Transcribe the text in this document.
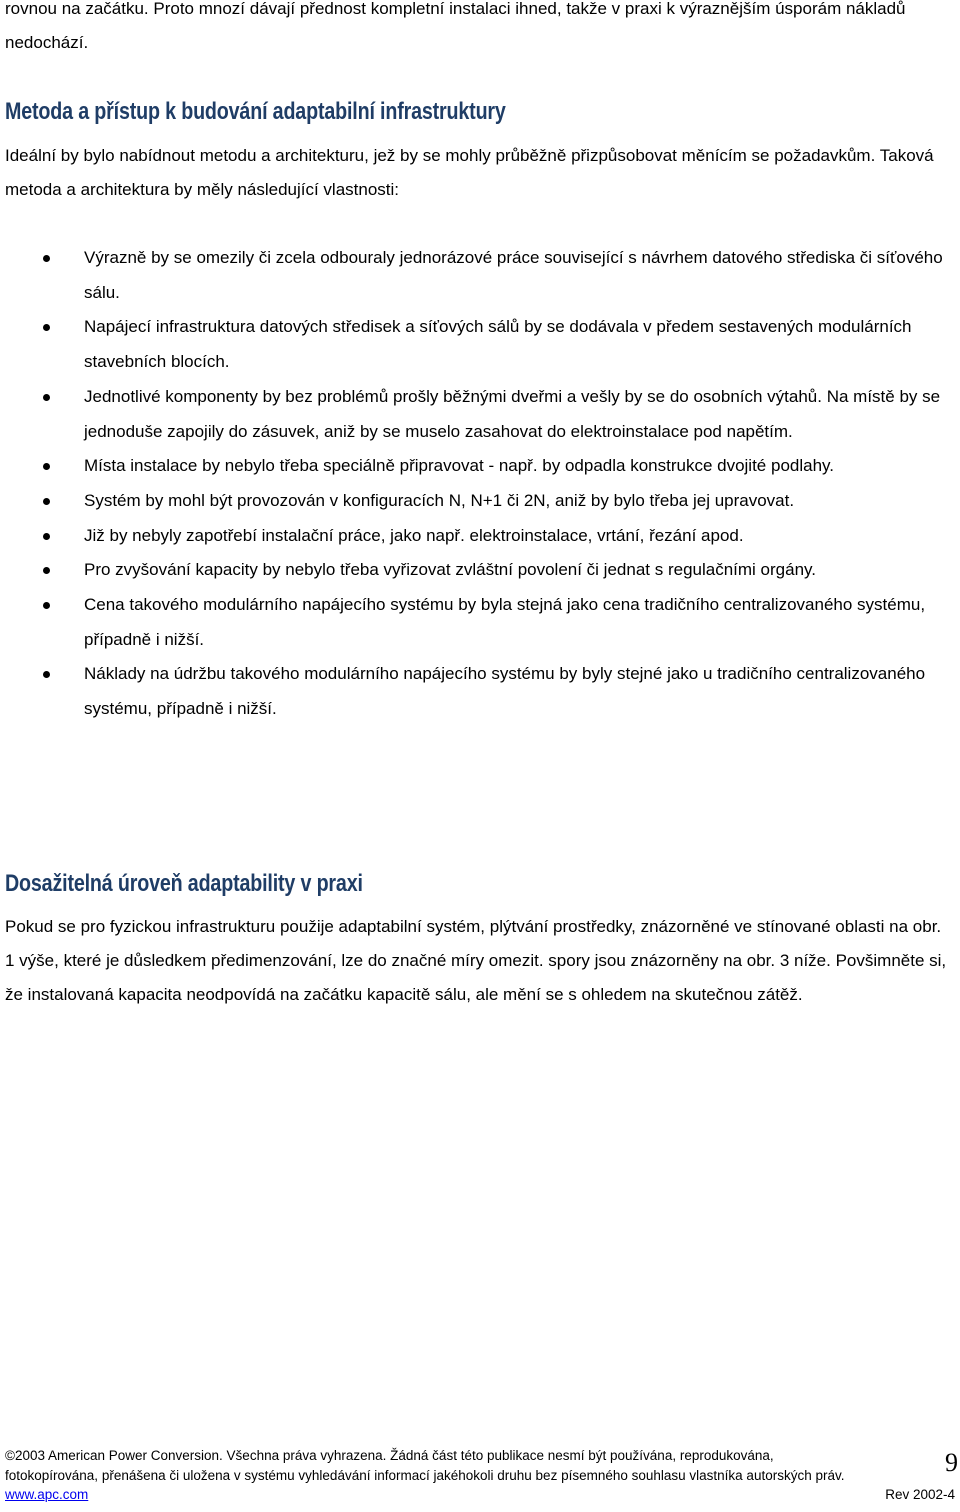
rovnou na začátku. Proto mnozí dávají přednost kompletní instalaci ihned, takže v praxi k výraznějším úsporám nákladů nedochází.

Metoda a přístup k budování adaptabilní infrastruktury

Ideální by bylo nabídnout metodu a architekturu, jež by se mohly průběžně přizpůsobovat měnícím se požadavkům. Taková metoda a architektura by měly následující vlastnosti:

Výrazně by se omezily či zcela odbouraly jednorázové práce související s návrhem datového střediska či síťového sálu.
Napájecí infrastruktura datových středisek a síťových sálů by se dodávala v předem sestavených modulárních stavebních blocích.
Jednotlivé komponenty by bez problémů prošly běžnými dveřmi a vešly by se do osobních výtahů. Na místě by se jednoduše zapojily do zásuvek, aniž by se muselo zasahovat do elektroinstalace pod napětím.
Místa instalace by nebylo třeba speciálně připravovat - např. by odpadla konstrukce dvojité podlahy.
Systém by mohl být provozován v konfiguracích N, N+1 či 2N, aniž by bylo třeba jej upravovat.
Již by nebyly zapotřebí instalační práce, jako např. elektroinstalace, vrtání, řezání apod.
Pro zvyšování kapacity by nebylo třeba vyřizovat zvláštní povolení či jednat s regulačními orgány.
Cena takového modulárního napájecího systému by byla stejná jako cena tradičního centralizovaného systému, případně i nižší.
Náklady na údržbu takového modulárního napájecího systému by byly stejné jako u tradičního centralizovaného systému, případně i nižší.
Dosažitelná úroveň adaptability v praxi

Pokud se pro fyzickou infrastrukturu použije adaptabilní systém, plýtvání prostředky, znázorněné ve stínované oblasti na obr. 1 výše, které je důsledkem předimenzování, lze do značné míry omezit. spory jsou znázorněny na obr. 3 níže. Povšimněte si, že instalovaná kapacita neodpovídá na začátku kapacitě sálu, ale mění se s ohledem na skutečnou zátěž.

©2003 American Power Conversion. Všechna práva vyhrazena. Žádná část této publikace nesmí být používána, reprodukována,
fotokopírována, přenášena či uložena v systému vyhledávání informací jakéhokoli druhu bez písemného souhlasu vlastníka autorských práv.
www.apc.com	Rev 2002-4
9
